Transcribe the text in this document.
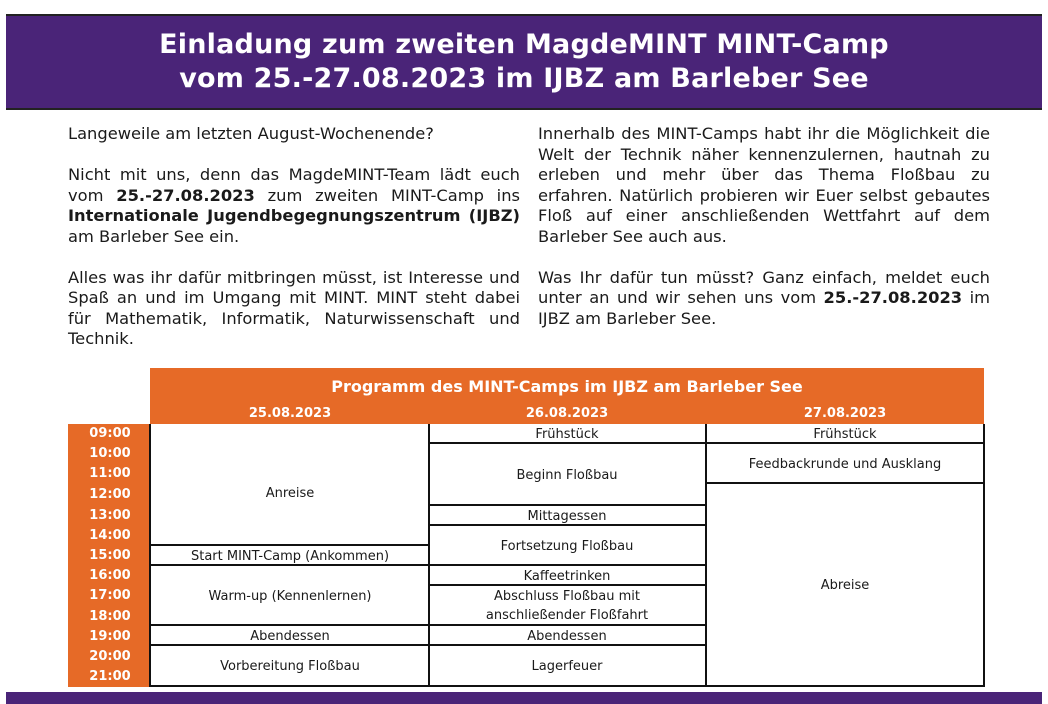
Einladung zum zweiten MagdeMINT MINT-Camp
vom 25.-27.08.2023 im IJBZ am Barleber See

Langeweile am letzten August-Wochenende?

Nicht mit uns, denn das MagdeMINT-Team lädt euch vom 25.-27.08.2023 zum zweiten MINT-Camp ins Internationale Jugendbegegnungszentrum (IJBZ) am Barleber See ein.

Alles was ihr dafür mitbringen müsst, ist Interesse und Spaß an und im Umgang mit MINT. MINT steht dabei für Mathematik, Informatik, Naturwissenschaft und Technik.

Innerhalb des MINT-Camps habt ihr die Möglichkeit die Welt der Technik näher kennenzulernen, hautnah zu erleben und mehr über das Thema Floßbau zu erfahren. Natürlich probieren wir Euer selbst gebautes Floß auf einer anschließenden Wettfahrt auf dem Barleber See auch aus.

Was Ihr dafür tun müsst? Ganz einfach, meldet euch unter an und wir sehen uns vom 25.-27.08.2023 im IJBZ am Barleber See.

Programm des MINT-Camps im IJBZ am Barleber See
25.08.2023	26.08.2023	27.08.2023
09:00
10:00
11:00
12:00
13:00
14:00
15:00
16:00
17:00
18:00
19:00
20:00
21:00
Anreise
Start MINT-Camp (Ankommen)
Warm-up (Kennenlernen)
Abendessen
Vorbereitung Floßbau
Frühstück
Beginn Floßbau
Mittagessen
Fortsetzung Floßbau
Kaffeetrinken
Abschluss Floßbau mit
anschließender Floßfahrt
Abendessen
Lagerfeuer
Frühstück
Feedbackrunde und Ausklang
Abreise
